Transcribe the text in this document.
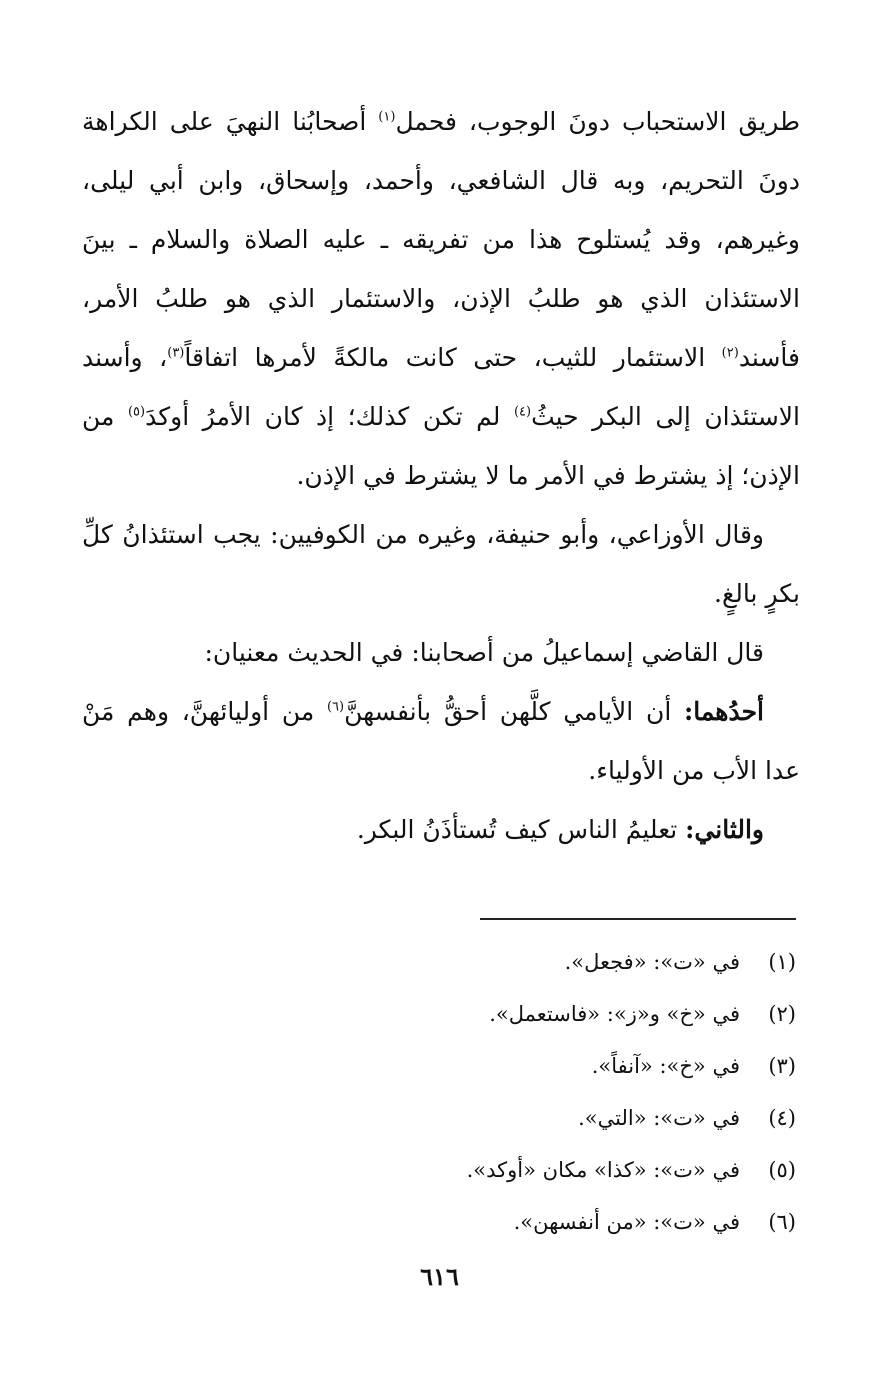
طريق الاستحباب دونَ الوجوب، فحمل$^{(١)}$ أصحابُنا النهيَ على الكراهة دونَ التحريم، وبه قال الشافعي، وأحمد، وإسحاق، وابن أبي ليلى، وغيرهم، وقد يُستلوح هذا من تفريقه ـ عليه الصلاة والسلام ـ بينَ الاستئذان الذي هو طلبُ الإذن، والاستئمار الذي هو طلبُ الأمر، فأسند$^{(٢)}$ الاستئمار للثيب، حتى كانت مالكةً لأمرها اتفاقاً$^{(٣)}$، وأسند الاستئذان إلى البكر حيثُ$^{(٤)}$ لم تكن كذلك؛ إذ كان الأمرُ أوكدَ$^{(٥)}$ من الإذن؛ إذ يشترط في الأمر ما لا يشترط في الإذن.

وقال الأوزاعي، وأبو حنيفة، وغيره من الكوفيين: يجب استئذانُ كلِّ بكرٍ بالغٍ.

قال القاضي إسماعيلُ من أصحابنا: في الحديث معنيان:

أحدُهما: أن الأيامي كلَّهن أحقُّ بأنفسهنَّ$^{(٦)}$ من أوليائهنَّ، وهم مَنْ عدا الأب من الأولياء.

والثاني: تعليمُ الناس كيف تُستأذَنُ البكر.

(١)في «ت»: «فجعل».
(٢)في «خ» و«ز»: «فاستعمل».
(٣)في «خ»: «آنفاً».
(٤)في «ت»: «التي».
(٥)في «ت»: «كذا» مكان «أوكد».
(٦)في «ت»: «من أنفسهن».
٦١٦
